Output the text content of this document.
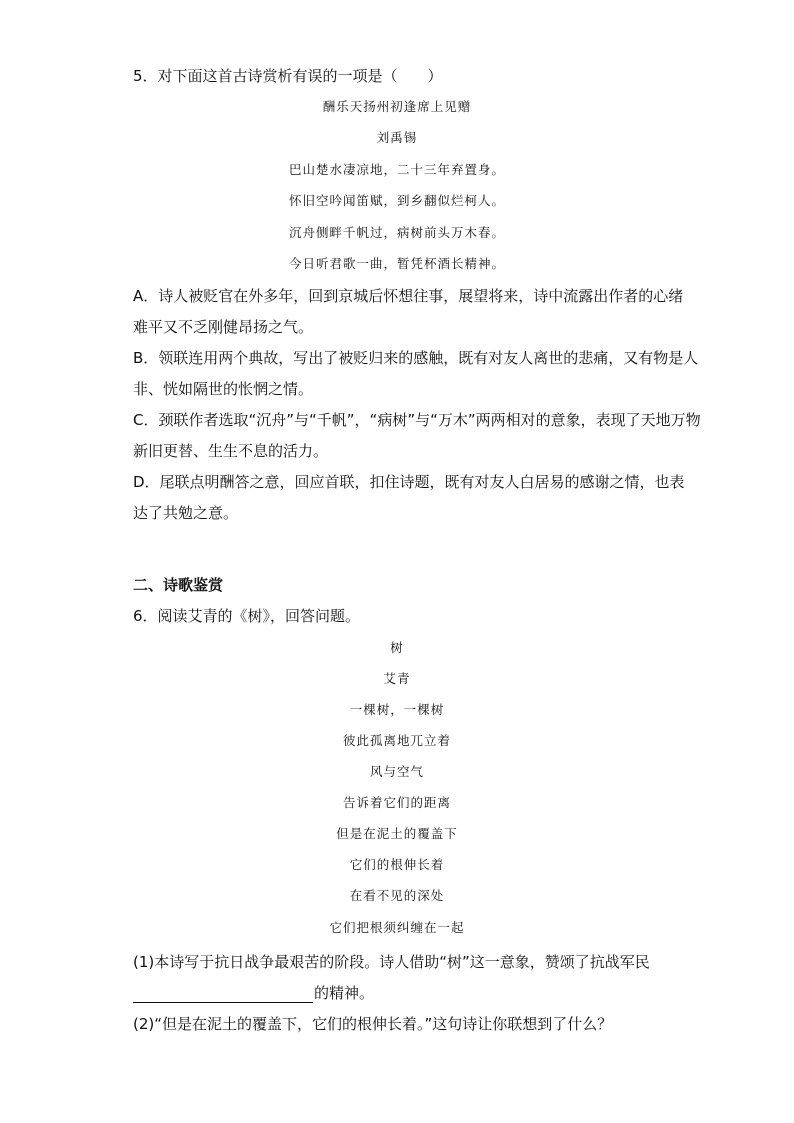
5．对下面这首古诗赏析有误的一项是（　　）
酬乐天扬州初逢席上见赠
刘禹锡
巴山楚水凄凉地，二十三年弃置身。
怀旧空吟闻笛赋，到乡翻似烂柯人。
沉舟侧畔千帆过，病树前头万木春。
今日听君歌一曲，暂凭杯酒长精神。
A．诗人被贬官在外多年，回到京城后怀想往事，展望将来，诗中流露出作者的心绪
难平又不乏刚健昂扬之气。
B．领联连用两个典故，写出了被贬归来的感触，既有对友人离世的悲痛，又有物是人
非、恍如隔世的怅惘之情。
C．颈联作者选取“沉舟”与“千帆”，“病树”与“万木”两两相对的意象，表现了天地万物
新旧更替、生生不息的活力。
D．尾联点明酬答之意，回应首联，扣住诗题，既有对友人白居易的感谢之情，也表
达了共勉之意。
二、诗歌鉴赏
6．阅读艾青的《树》，回答问题。
树
艾青
一棵树，一棵树
彼此孤离地兀立着
风与空气
告诉着它们的距离
但是在泥土的覆盖下
它们的根伸长着
在看不见的深处
它们把根须纠缠在一起
(1)本诗写于抗日战争最艰苦的阶段。诗人借助“树”这一意象，赞颂了抗战军民
的精神。
(2)“但是在泥土的覆盖下，它们的根伸长着。”这句诗让你联想到了什么？
